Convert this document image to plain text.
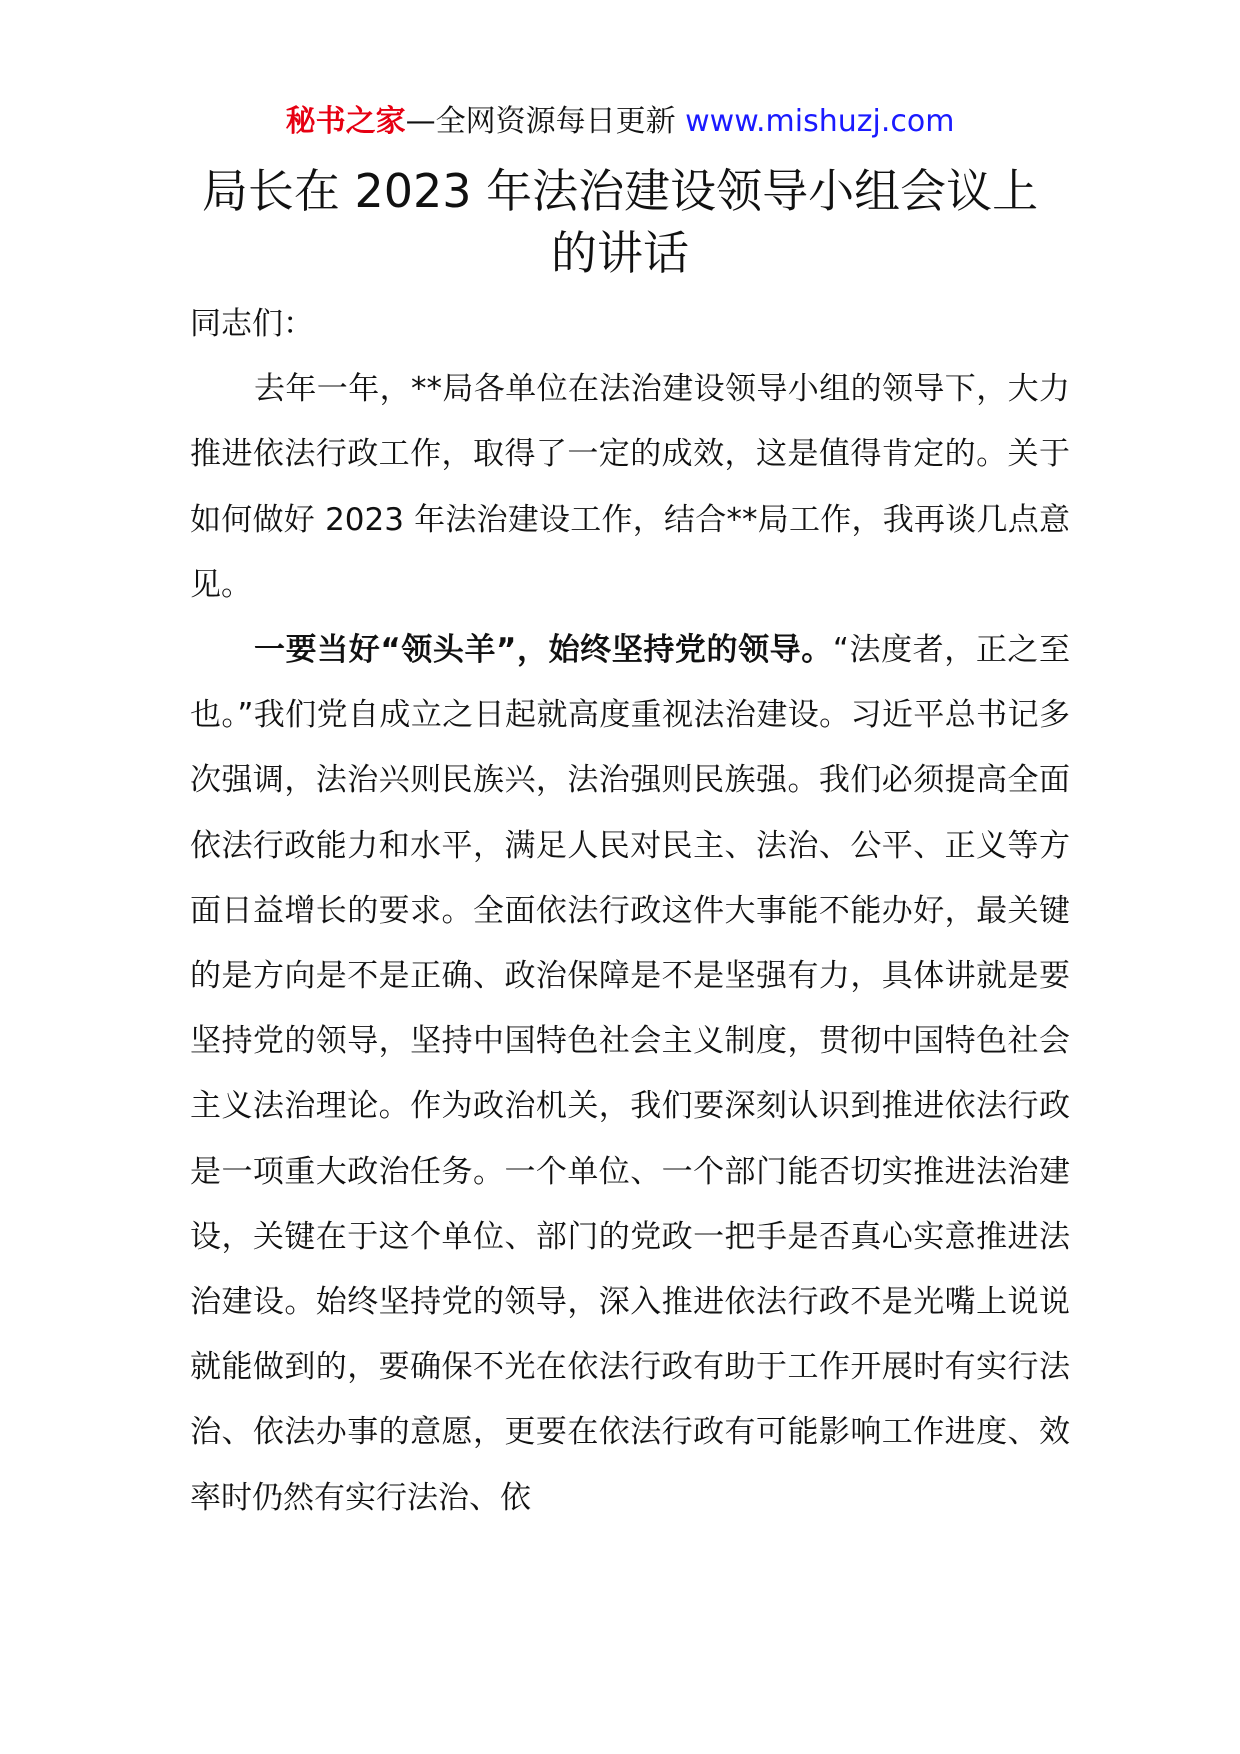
秘书之家—全网资源每日更新 www.mishuzj.com
局长在 2023 年法治建设领导小组会议上
的讲话

同志们：

去年一年，**局各单位在法治建设领导小组的领导下，大力推进依法行政工作，取得了一定的成效，这是值得肯定的。关于如何做好 2023 年法治建设工作，结合**局工作，我再谈几点意见。

一要当好“领头羊”，始终坚持党的领导。“法度者，正之至也。”我们党自成立之日起就高度重视法治建设。习近平总书记多次强调，法治兴则民族兴，法治强则民族强。我们必须提高全面依法行政能力和水平，满足人民对民主、法治、公平、正义等方面日益增长的要求。全面依法行政这件大事能不能办好，最关键的是方向是不是正确、政治保障是不是坚强有力，具体讲就是要坚持党的领导，坚持中国特色社会主义制度，贯彻中国特色社会主义法治理论。作为政治机关，我们要深刻认识到推进依法行政是一项重大政治任务。一个单位、一个部门能否切实推进法治建设，关键在于这个单位、部门的党政一把手是否真心实意推进法治建设。始终坚持党的领导，深入推进依法行政不是光嘴上说说就能做到的，要确保不光在依法行政有助于工作开展时有实行法治、依法办事的意愿，更要在依法行政有可能影响工作进度、效率时仍然有实行法治、依
